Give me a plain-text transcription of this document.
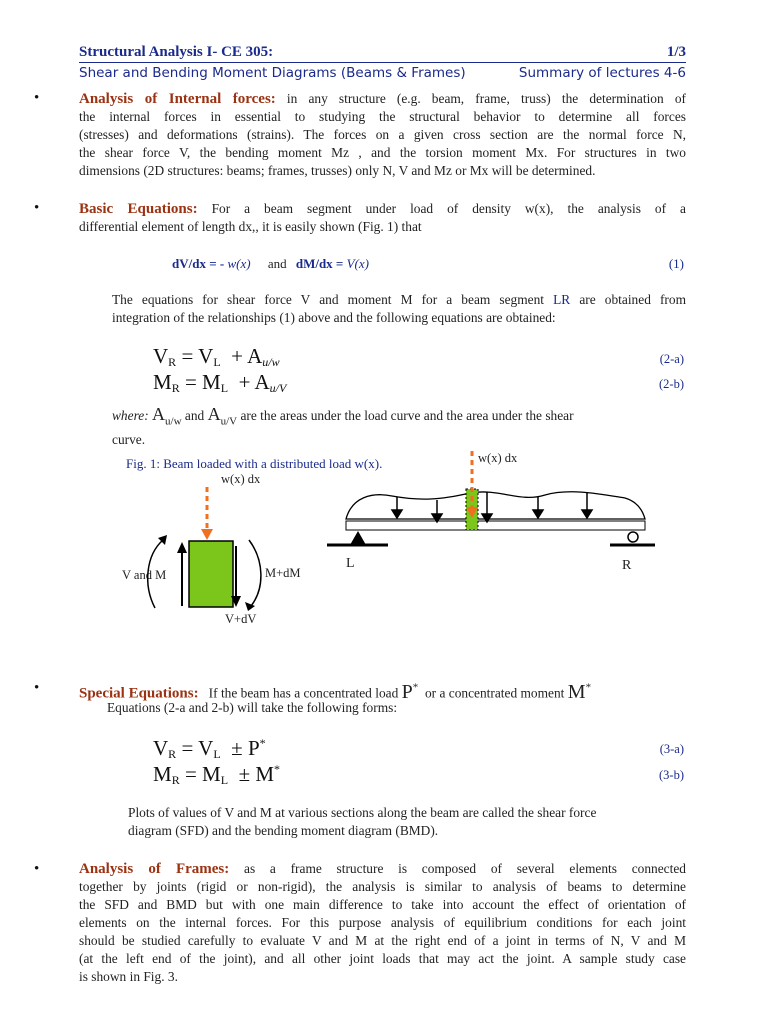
Structural Analysis I- CE 305:	1/3
Shear and Bending Moment Diagrams (Beams & Frames)	Summary of lectures 4-6
•	Analysis of Internal forces: in any structure (e.g. beam, frame, truss) the determination of
the internal forces in essential to studying the structural behavior to determine all forces
(stresses) and deformations (strains). The forces on a given cross section are the normal force N,
the shear force V, the bending moment Mz , and the torsion moment Mx. For structures in two
dimensions (2D structures: beams; frames, trusses) only N, V and Mz or Mx will be determined.
•	Basic Equations: For a beam segment under load of density w(x), the analysis of a
differential element of length dx,, it is easily shown (Fig. 1) that
dV/dx = - w(x) and dM/dx = V(x)	(1)
The equations for shear force V and moment M for a beam segment LR are obtained from
integration of the relationships (1) above and the following equations are obtained:
$V_R = V_L + A_{u/w}$	(2-a)
$M_R = M_L + A_{u/V}$	(2-b)
where: $A_{u/w}$ and $A_{u/V}$ are the areas under the load curve and the area under the shear
curve.
Fig. 1: Beam loaded with a distributed load w(x).
w(x) dx
w(x) dx
V and M	M+dM
V+dV
L	R
•	Special Equations: If the beam has a concentrated load P* or a concentrated moment M*
Equations (2-a and 2-b) will take the following forms:
$V_R = V_L \pm P^*$	(3-a)
$M_R = M_L \pm M^*$	(3-b)
Plots of values of V and M at various sections along the beam are called the shear force
diagram (SFD) and the bending moment diagram (BMD).
•	Analysis of Frames: as a frame structure is composed of several elements connected
together by joints (rigid or non-rigid), the analysis is similar to analysis of beams to determine
the SFD and BMD but with one main difference to take into account the effect of orientation of
elements on the internal forces. For this purpose analysis of equilibrium conditions for each joint
should be studied carefully to evaluate V and M at the right end of a joint in terms of N, V and M
(at the left end of the joint), and all other joint loads that may act the joint. A sample study case
is shown in Fig. 3.
